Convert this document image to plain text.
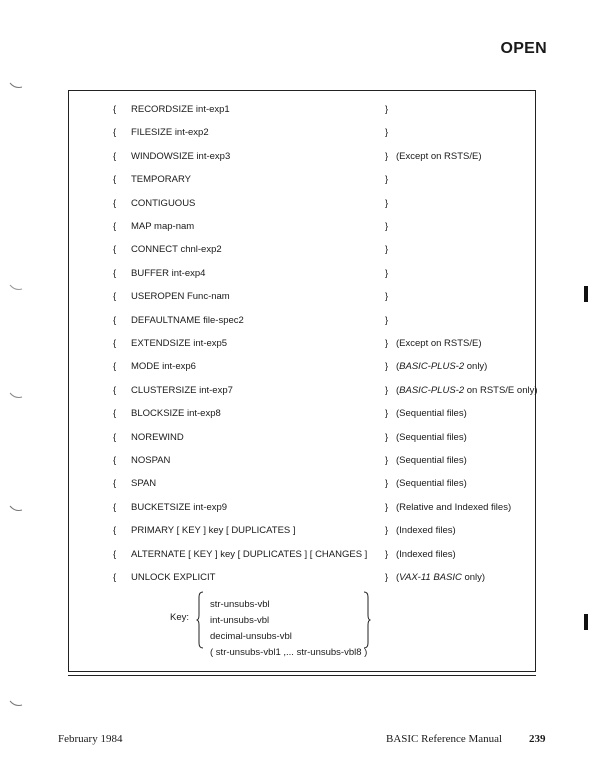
OPEN
{ RECORDSIZE int-exp1	}
{ FILESIZE int-exp2	}
{ WINDOWSIZE int-exp3	} (Except on RSTS/E)
{ TEMPORARY	}
{ CONTIGUOUS	}
{ MAP map-nam	}
{ CONNECT chnl-exp2	}
{ BUFFER int-exp4	}
{ USEROPEN Func-nam	}
{ DEFAULTNAME file-spec2	}
{ EXTENDSIZE int-exp5	} (Except on RSTS/E)
{ MODE int-exp6	} (BASIC-PLUS-2 only)
{ CLUSTERSIZE int-exp7	} (BASIC-PLUS-2 on RSTS/E only)
{ BLOCKSIZE int-exp8	} (Sequential files)
{ NOREWIND	} (Sequential files)
{ NOSPAN	} (Sequential files)
{ SPAN	} (Sequential files)
{ BUCKETSIZE int-exp9	} (Relative and Indexed files)
{ PRIMARY [ KEY ] key [ DUPLICATES ]	} (Indexed files)
{ ALTERNATE [ KEY ] key [ DUPLICATES ] [ CHANGES ] } (Indexed files)
{ UNLOCK EXPLICIT	} (VAX-11 BASIC only)
Key:
str-unsubs-vbl
int-unsubs-vbl
decimal-unsubs-vbl
( str-unsubs-vbl1 ,... str-unsubs-vbl8 )
February 1984	BASIC Reference Manual 239
